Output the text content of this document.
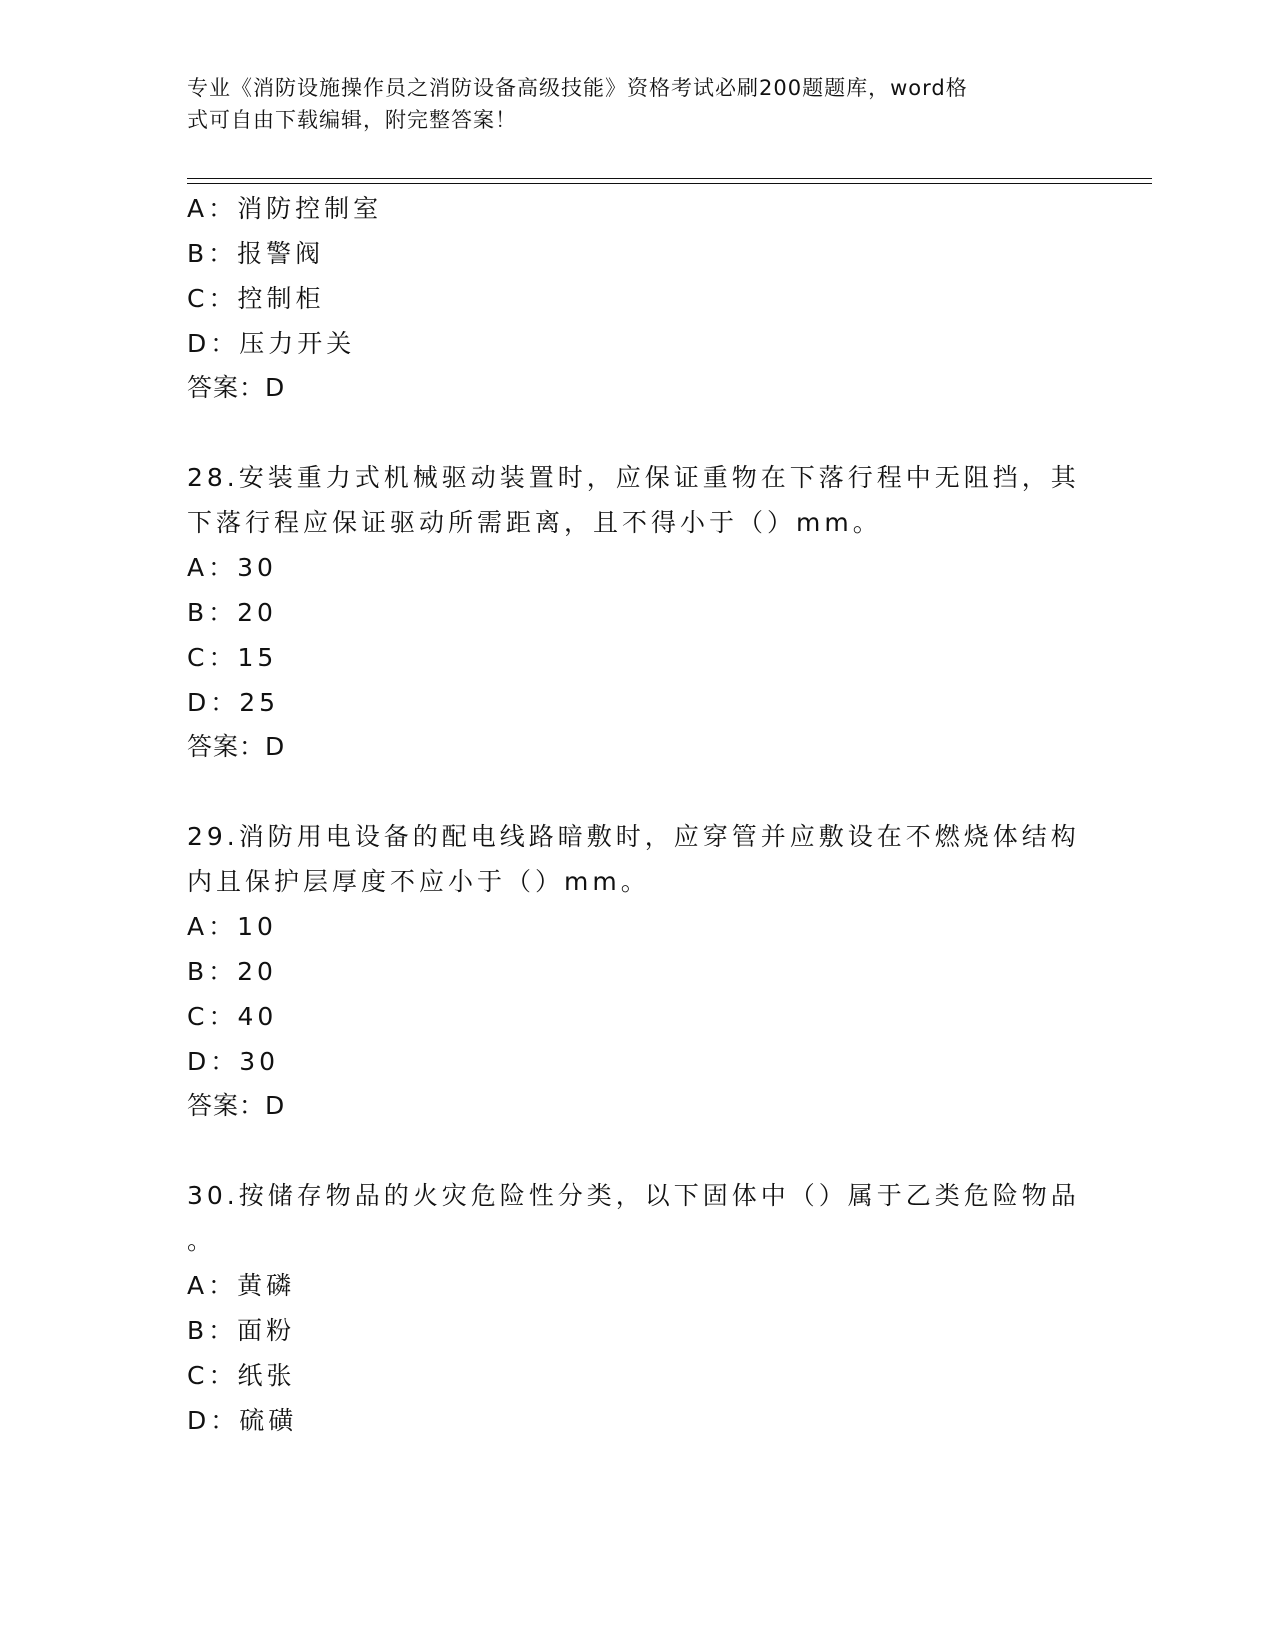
专业《消防设施操作员之消防设备高级技能》资格考试必刷200题题库，word格
式可自由下载编辑，附完整答案！
A：消防控制室
B：报警阀
C：控制柜
D：压力开关
答案：D
28.安装重力式机械驱动装置时，应保证重物在下落行程中无阻挡，其
下落行程应保证驱动所需距离，且不得小于（）mm。
A：30
B：20
C：15
D：25
答案：D
29.消防用电设备的配电线路暗敷时，应穿管并应敷设在不燃烧体结构
内且保护层厚度不应小于（）mm。
A：10
B：20
C：40
D：30
答案：D
30.按储存物品的火灾危险性分类，以下固体中（）属于乙类危险物品
。
A：黄磷
B：面粉
C：纸张
D：硫磺
